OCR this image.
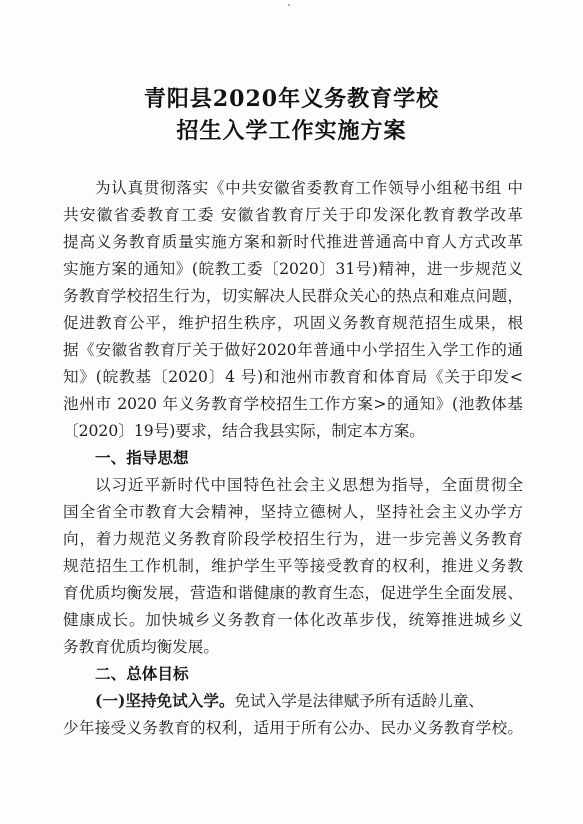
青阳县2020年义务教育学校
招生入学工作实施方案
为认真贯彻落实《中共安徽省委教育工作领导小组秘书组 中
共安徽省委教育工委 安徽省教育厅关于印发深化教育教学改革
提高义务教育质量实施方案和新时代推进普通高中育人方式改革
实施方案的通知》(皖教工委〔2020〕31号)精神，进一步规范义
务教育学校招生行为，切实解决人民群众关心的热点和难点问题，
促进教育公平，维护招生秩序，巩固义务教育规范招生成果，根
据《安徽省教育厅关于做好2020年普通中小学招生入学工作的通
知》(皖教基〔2020〕4 号)和池州市教育和体育局《关于印发<
池州市 2020 年义务教育学校招生工作方案>的通知》(池教体基
〔2020〕19号)要求，结合我县实际，制定本方案。
一、指导思想
以习近平新时代中国特色社会主义思想为指导，全面贯彻全
国全省全市教育大会精神，坚持立德树人，坚持社会主义办学方
向，着力规范义务教育阶段学校招生行为，进一步完善义务教育
规范招生工作机制，维护学生平等接受教育的权利，推进义务教
育优质均衡发展，营造和谐健康的教育生态，促进学生全面发展、
健康成长。加快城乡义务教育一体化改革步伐，统筹推进城乡义
务教育优质均衡发展。
二、总体目标
(一)坚持免试入学。免试入学是法律赋予所有适龄儿童、
少年接受义务教育的权利，适用于所有公办、民办义务教育学校。
